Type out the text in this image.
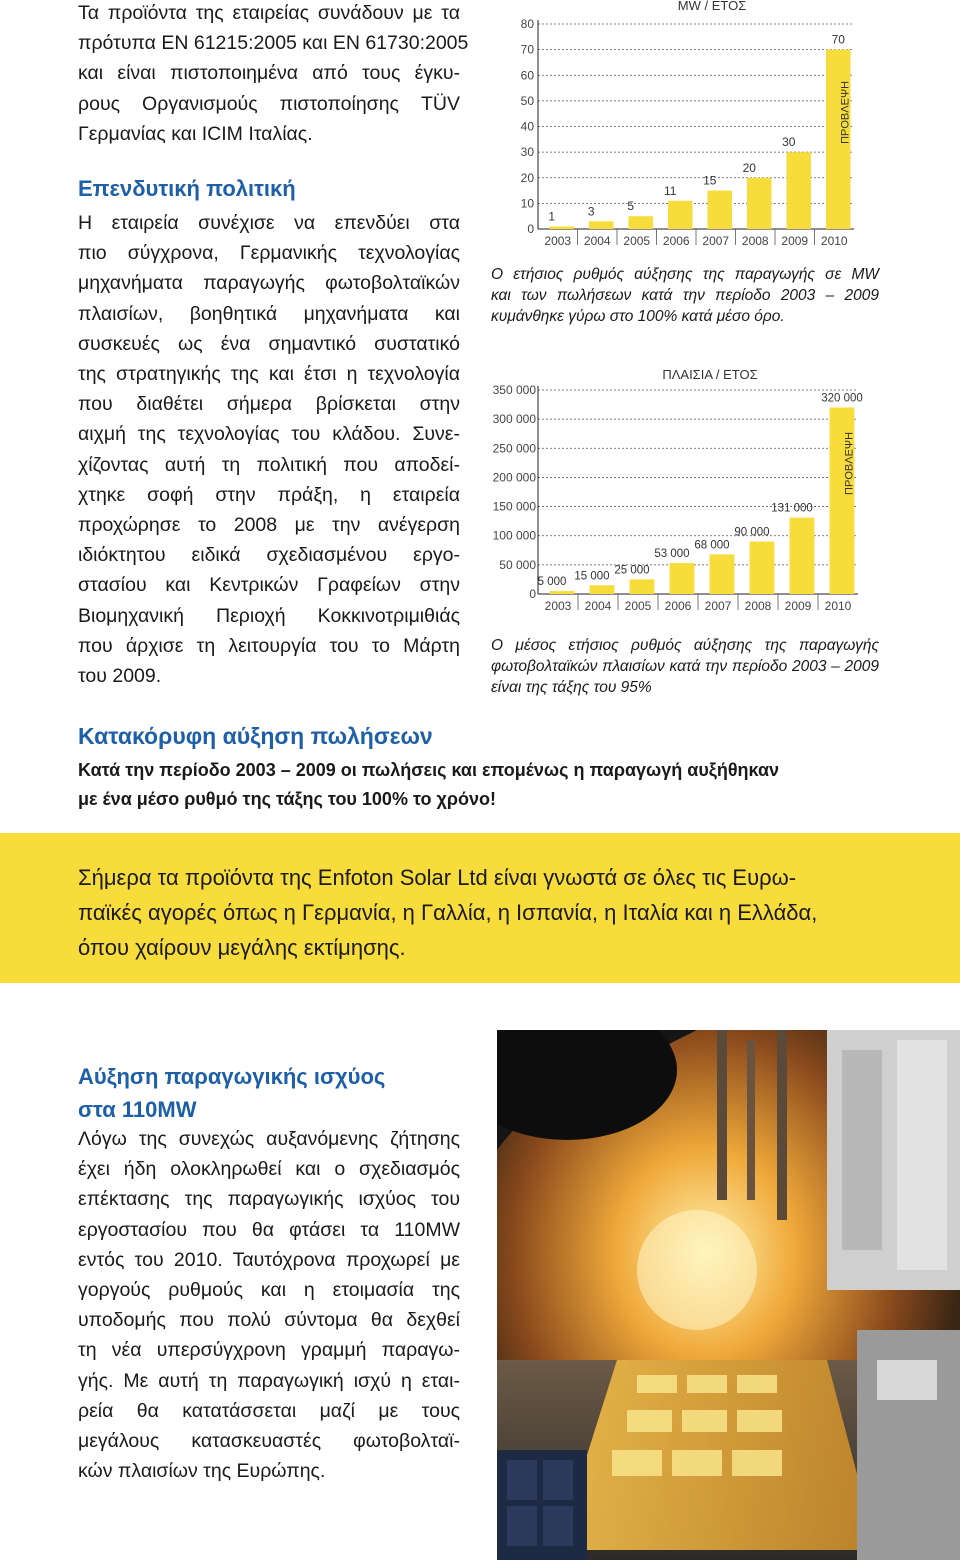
Τα προϊόντα της εταιρείας συνάδουν με τα
πρότυπα ΕΝ 61215:2005 και ΕΝ 61730:2005
και είναι πιστοποιημένα από τους έγκυ-
ρους Οργανισμούς πιστοποίησης TÜV
Γερμανίας και ICIM Ιταλίας.
Επενδυτική πολιτική
Η εταιρεία συνέχισε να επενδύει στα
πιο σύγχρονα, Γερμανικής τεχνολογίας
μηχανήματα παραγωγής φωτοβολταϊκών
πλαισίων, βοηθητικά μηχανήματα και
συσκευές ως ένα σημαντικό συστατικό
της στρατηγικής της και έτσι η τεχνολογία
που διαθέτει σήμερα βρίσκεται στην
αιχμή της τεχνολογίας του κλάδου. Συνε-
χίζοντας αυτή τη πολιτική που αποδεί-
χτηκε σοφή στην πράξη, η εταιρεία
προχώρησε το 2008 με την ανέγερση
ιδιόκτητου ειδικά σχεδιασμένου εργο-
στασίου και Κεντρικών Γραφείων στην
Βιομηχανική Περιοχή Κοκκινοτριμιθιάς
που άρχισε τη λειτουργία του το Μάρτη
του 2009.
MW / ΕΤΟΣ
0
10
20
30
40
50
60
70
80
2003
1
2004
3
2005
5
2006
11
2007
15
2008
20
2009
30
2010
70
ΠΡΟΒΛΕΨΗ
Ο ετήσιος ρυθμός αύξησης της παραγωγής σε MW
και των πωλήσεων κατά την περίοδο 2003 – 2009
κυμάνθηκε γύρω στο 100% κατά μέσο όρο.
ΠΛΑΙΣΙΑ / ΕΤΟΣ
0
50 000
100 000
150 000
200 000
250 000
300 000
350 000
2003
5 000
2004
15 000
2005
25 000
2006
53 000
2007
68 000
2008
90 000
2009
131 000
2010
320 000
ΠΡΟΒΛΕΨΗ
Ο μέσος ετήσιος ρυθμός αύξησης της παραγωγής
φωτοβολταϊκών πλαισίων κατά την περίοδο 2003 – 2009
είναι της τάξης του 95%
Κατακόρυφη αύξηση πωλήσεων
Κατά την περίοδο 2003 – 2009 οι πωλήσεις και επομένως η παραγωγή αυξήθηκαν
με ένα μέσο ρυθμό της τάξης του 100% το χρόνο!
Σήμερα τα προϊόντα της Enfoton Solar Ltd είναι γνωστά σε όλες τις Ευρω-
παϊκές αγορές όπως η Γερμανία, η Γαλλία, η Ισπανία, η Ιταλία και η Ελλάδα,
όπου χαίρουν μεγάλης εκτίμησης.
Αύξηση παραγωγικής ισχύος
στα 110MW
Λόγω της συνεχώς αυξανόμενης ζήτησης
έχει ήδη ολοκληρωθεί και ο σχεδιασμός
επέκτασης της παραγωγικής ισχύος του
εργοστασίου που θα φτάσει τα 110MW
εντός του 2010. Ταυτόχρονα προχωρεί με
γοργούς ρυθμούς και η ετοιμασία της
υποδομής που πολύ σύντομα θα δεχθεί
τη νέα υπερσύγχρονη γραμμή παραγω-
γής. Με αυτή τη παραγωγική ισχύ η εται-
ρεία θα κατατάσσεται μαζί με τους
μεγάλους κατασκευαστές φωτοβολταϊ-
κών πλαισίων της Ευρώπης.
